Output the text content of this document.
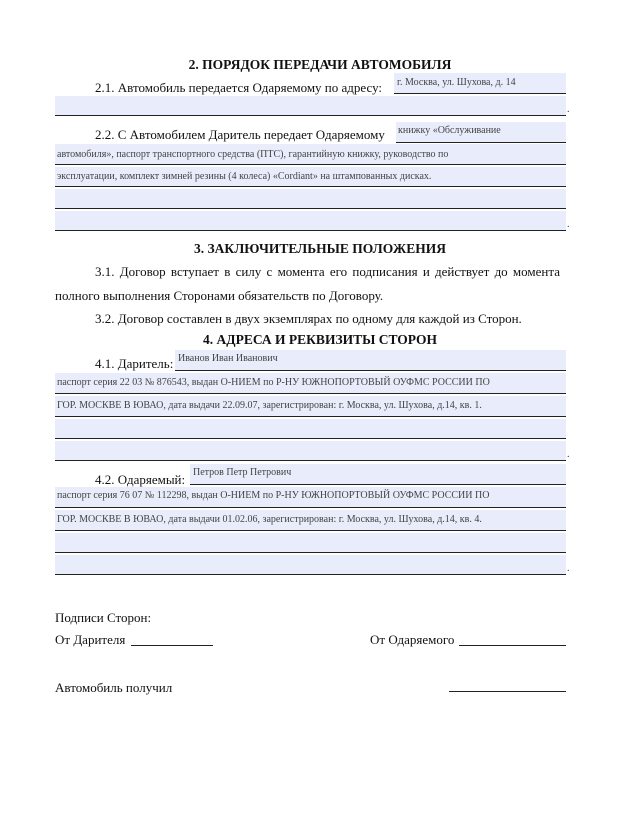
2. ПОРЯДОК ПЕРЕДАЧИ АВТОМОБИЛЯ
2.1. Автомобиль передается Одаряемому по адресу: г. Москва, ул. Шухова, д. 14
.
2.2. С Автомобилем Даритель передает Одаряемому книжку «Обслуживание
автомобиля», паспорт транспортного средства (ПТС), гарантийную книжку, руководство по
эксплуатации, комплект зимней резины (4 колеса) «Cordiant» на штампованных дисках.
.
3. ЗАКЛЮЧИТЕЛЬНЫЕ ПОЛОЖЕНИЯ
3.1. Договор вступает в силу с момента его подписания и действует до момента
полного выполнения Сторонами обязательств по Договору.
3.2. Договор составлен в двух экземплярах по одному для каждой из Сторон.
4. АДРЕСА И РЕКВИЗИТЫ СТОРОН
4.1. Даритель: Иванов Иван Иванович
паспорт серия 22 03 № 876543, выдан О-НИЕМ по Р-НУ ЮЖНОПОРТОВЫЙ ОУФМС РОССИИ ПО
ГОР. МОСКВЕ В ЮВАО, дата выдачи 22.09.07, зарегистрирован: г. Москва, ул. Шухова, д.14, кв. 1.
.
4.2. Одаряемый: Петров Петр Петрович
паспорт серия 76 07 № 112298, выдан О-НИЕМ по Р-НУ ЮЖНОПОРТОВЫЙ ОУФМС РОССИИ ПО
ГОР. МОСКВЕ В ЮВАО, дата выдачи 01.02.06, зарегистрирован: г. Москва, ул. Шухова, д.14, кв. 4.
.
Подписи Сторон:
От Дарителя	От Одаряемого
Автомобиль получил
